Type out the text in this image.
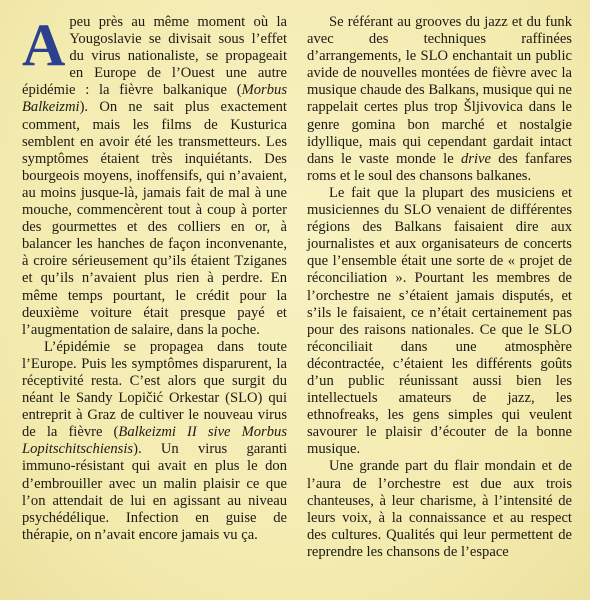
Apeu près au même moment où la Yougoslavie se divisait sous l’effet du virus nationaliste, se propageait en Europe de l’Ouest une autre épidémie : la fièvre balkanique (Morbus Balkeizmi). On ne sait plus exactement comment, mais les films de Kusturica semblent en avoir été les transmetteurs. Les symptômes étaient très inquiétants. Des bourgeois moyens, inoffensifs, qui n’avaient, au moins jusque-là, jamais fait de mal à une mouche, commencèrent tout à coup à porter des gourmettes et des colliers en or, à balancer les hanches de façon inconvenante, à croire sérieusement qu’ils étaient Tziganes et qu’ils n’avaient plus rien à perdre. En même temps pourtant, le crédit pour la deuxième voiture était presque payé et l’augmentation de salaire, dans la poche.

L’épidémie se propagea dans toute l’Europe. Puis les symptômes disparurent, la réceptivité resta. C’est alors que surgit du néant le Sandy Lopičić Orkestar (SLO) qui entreprit à Graz de cultiver le nouveau virus de la fièvre (Balkeizmi II sive Morbus Lopitschitschiensis). Un virus garanti immuno-résistant qui avait en plus le don d’embrouiller avec un malin plaisir ce que l’on attendait de lui en agissant au niveau psychédélique. Infection en guise de thérapie, on n’avait encore jamais vu ça.

Se référant au grooves du jazz et du funk avec des techniques raffinées d’arrangements, le SLO enchantait un public avide de nouvelles montées de fièvre avec la musique chaude des Balkans, musique qui ne rappelait certes plus trop Šljivovica dans le genre gomina bon marché et nostalgie idyllique, mais qui cependant gardait intact dans le vaste monde le drive des fanfares roms et le soul des chansons balkanes.

Le fait que la plupart des musiciens et musiciennes du SLO venaient de différentes régions des Balkans faisaient dire aux journalistes et aux organisateurs de concerts que l’ensemble était une sorte de « projet de réconciliation ». Pourtant les membres de l’orchestre ne s’étaient jamais disputés, et s’ils le faisaient, ce n’était certainement pas pour des raisons nationales. Ce que le SLO réconciliait dans une atmosphère décontractée, c’étaient les différents goûts d’un public réunissant aussi bien les intellectuels amateurs de jazz, les ethnofreaks, les gens simples qui veulent savourer le plaisir d’écouter de la bonne musique.

Une grande part du flair mondain et de l’aura de l’orchestre est due aux trois chanteuses, à leur charisme, à l’intensité de leurs voix, à la connaissance et au respect des cultures. Qualités qui leur permettent de reprendre les chansons de l’espace
